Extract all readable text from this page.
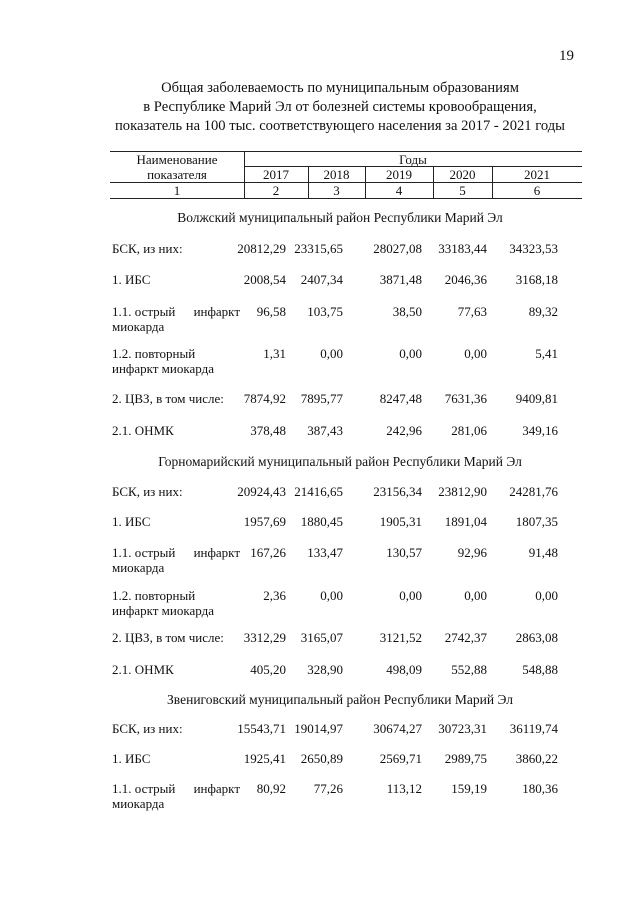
19
Общая заболеваемость по муниципальным образованиям
в Республике Марий Эл от болезней системы кровообращения,
показатель на 100 тыс. соответствующего населения за 2017 - 2021 годы
Наименование
показателя
Годы
2017	2018	2019	2020	2021
1	2	3	4	5	6
Волжский муниципальный район Республики Марий Эл
БСК, из них:	20812,29 23315,65	28027,08	33183,44	34323,53
1. ИБС	2008,54	2407,34	3871,48	2046,36	3168,18
1.1. острый инфаркт
миокарда
96,58	103,75	38,50	77,63	89,32
1.2. повторный
инфаркт миокарда
1,31	0,00	0,00	0,00	5,41
2. ЦВЗ, в том числе:	7874,92	7895,77	8247,48	7631,36	9409,81
2.1. ОНМК	378,48	387,43	242,96	281,06	349,16
Горномарийский муниципальный район Республики Марий Эл
БСК, из них:	20924,43 21416,65	23156,34	23812,90	24281,76
1. ИБС	1957,69	1880,45	1905,31	1891,04	1807,35
1.1. острый инфаркт
миокарда
167,26	133,47	130,57	92,96	91,48
1.2. повторный
инфаркт миокарда
2,36	0,00	0,00	0,00	0,00
2. ЦВЗ, в том числе:	3312,29	3165,07	3121,52	2742,37	2863,08
2.1. ОНМК	405,20	328,90	498,09	552,88	548,88
Звениговский муниципальный район Республики Марий Эл
БСК, из них:	15543,71 19014,97	30674,27	30723,31	36119,74
1. ИБС	1925,41	2650,89	2569,71	2989,75	3860,22
1.1. острый инфаркт
миокарда
80,92	77,26	113,12	159,19	180,36
